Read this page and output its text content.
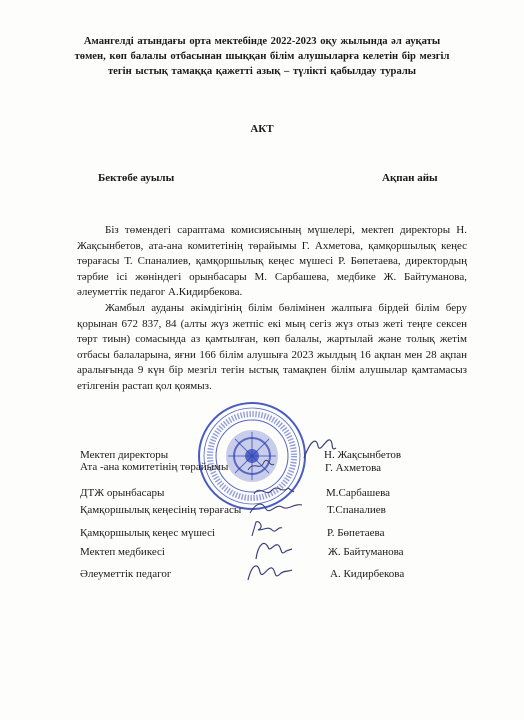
Амангелді атындағы орта мектебінде 2022-2023 оқу жылында әл ауқаты төмен, көп балалы отбасынан шыққан білім алушыларға келетін бір мезгіл тегін ыстық тамаққа қажетті азық – түлікті қабылдау туралы
АКТ
Бектөбе ауылы	Ақпан айы

Біз төмендегі сараптама комисиясының мүшелері, мектеп директоры Н. Жақсынбетов, ата-ана комитетінің төрайымы Г. Ахметова, қамқоршылық кеңес төрағасы Т. Спаналиев, қамқоршылық кеңес мүшесі Р. Бөпетаева, директордың тәрбие ісі жөніндегі орынбасары М. Сарбашева, медбике Ж. Байтуманова, әлеуметтік педагог А.Кидирбекова.

Жамбыл ауданы әкімдігінің білім бөлімінен жалпыға бірдей білім беру қорынан 672 837, 84 (алты жүз жетпіс екі мың сегіз жүз отыз жеті теңге сексен төрт тиын) сомасында аз қамтылған, көп балалы, жартылай және толық жетім отбасы балаларына, яғни 166 білім алушыға 2023 жылдың 16 ақпан мен 28 ақпан аралығында 9 күн бір мезгіл тегін ыстық тамақпен білім алушылар қамтамасыз етілгенін растап қол қоямыз.

Мектеп директоры	Н. Жақсынбетов
Ата -ана комитетінің төрайымы	Г. Ахметова
ДТЖ орынбасары	М.Сарбашева
Қамқоршылық кеңесінің төрағасы	Т.Спаналиев
Қамқоршылық кеңес мүшесі	Р. Бөпетаева
Мектеп медбикесі	Ж. Байтуманова
Әлеуметтік педагог	А. Кидирбекова
